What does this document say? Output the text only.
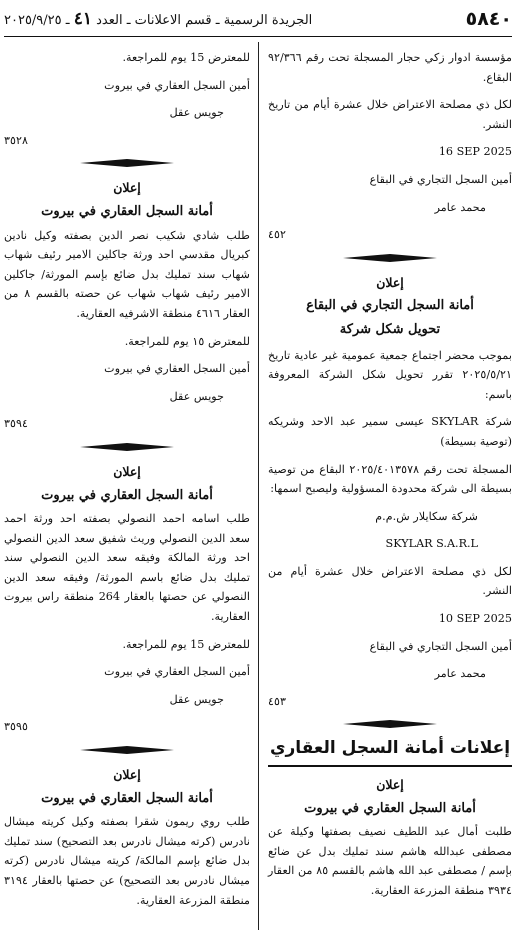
٥٨٤٠
الجريدة الرسمية ـ قسم الاعلانات ـ العدد ٤١ ـ ٢٠٢٥/٩/٢٥

مؤسسة ادوار زكي حجار المسجلة تحت رقم ٩٢/٣٦٦ البقاع.

لكل ذي مصلحة الاعتراض خلال عشرة أيام من تاريخ النشر.

16 SEP 2025

أمين السجل التجاري في البقاع

محمد عامر

٤٥٢

إعلان
أمانة السجل التجاري في البقاع
تحويل شكل شركة

بموجب محضر اجتماع جمعية عمومية غير عادية تاريخ ٢٠٢٥/٥/٢١ تقرر تحويل شكل الشركة المعروفة باسم:

شركة SKYLAR عيسى سمير عبد الاحد وشريكه (توصية بسيطة)

المسجلة تحت رقم ٢٠٢٥/٤٠١٣٥٧٨ البقاع من توصية بسيطة الى شركة محدودة المسؤولية وليصبح اسمها:

شركة سكايلار ش.م.م

SKYLAR S.A.R.L

لكل ذي مصلحة الاعتراض خلال عشرة أيام من النشر.

10 SEP 2025

أمين السجل التجاري في البقاع

محمد عامر

٤٥٣

إعلانات أمانة السجل العقاري
إعلان
أمانة السجل العقاري في بيروت

طلبت أمال عبد اللطيف نصيف بصفتها وكيلة عن مصطفى عبدالله هاشم سند تمليك بدل عن ضائع بإسم / مصطفى عبد الله هاشم بالقسم ٨٥ من العقار ٣٩٣٤ منطقة المزرعة العقارية.

للمعترض 15 يوم للمراجعة.

أمين السجل العقاري في بيروت

جويس عقل

٣٥٢٨

إعلان
أمانة السجل العقاري في بيروت

طلب شادي شكيب نصر الدين بصفته وكيل نادين كبريال مقدسي احد ورثة جاكلين الامير رئيف شهاب شهاب سند تمليك بدل ضائع بإسم المورثة/ جاكلين الامير رئيف شهاب شهاب عن حصته بالقسم ٨ من العقار ٤٦١٦ منطقة الاشرفيه العقارية.

للمعترض ١٥ يوم للمراجعة.

أمين السجل العقاري في بيروت

جويس عقل

٣٥٩٤

إعلان
أمانة السجل العقاري في بيروت

طلب اسامه احمد النصولي بصفته احد ورثة احمد سعد الدين النصولي وريث شفيق سعد الدين النصولي احد ورثة المالكة وفيقه سعد الدين النصولي سند تمليك بدل ضائع باسم المورثة/ وفيقه سعد الدين النصولي عن حصتها بالعقار 264 منطقة راس بيروت العقارية.

للمعترض 15 يوم للمراجعة.

أمين السجل العقاري في بيروت

جويس عقل

٣٥٩٥

إعلان
أمانة السجل العقاري في بيروت

طلب روي ريمون شقرا بصفته وكيل كريته ميشال نادرس (كرته ميشال نادرس بعد التصحيح) سند تمليك بدل ضائع بإسم المالكة/ كريته ميشال نادرس (كرته ميشال نادرس بعد التصحيح) عن حصتها بالعقار ٣١٩٤ منطقة المزرعة العقارية.
